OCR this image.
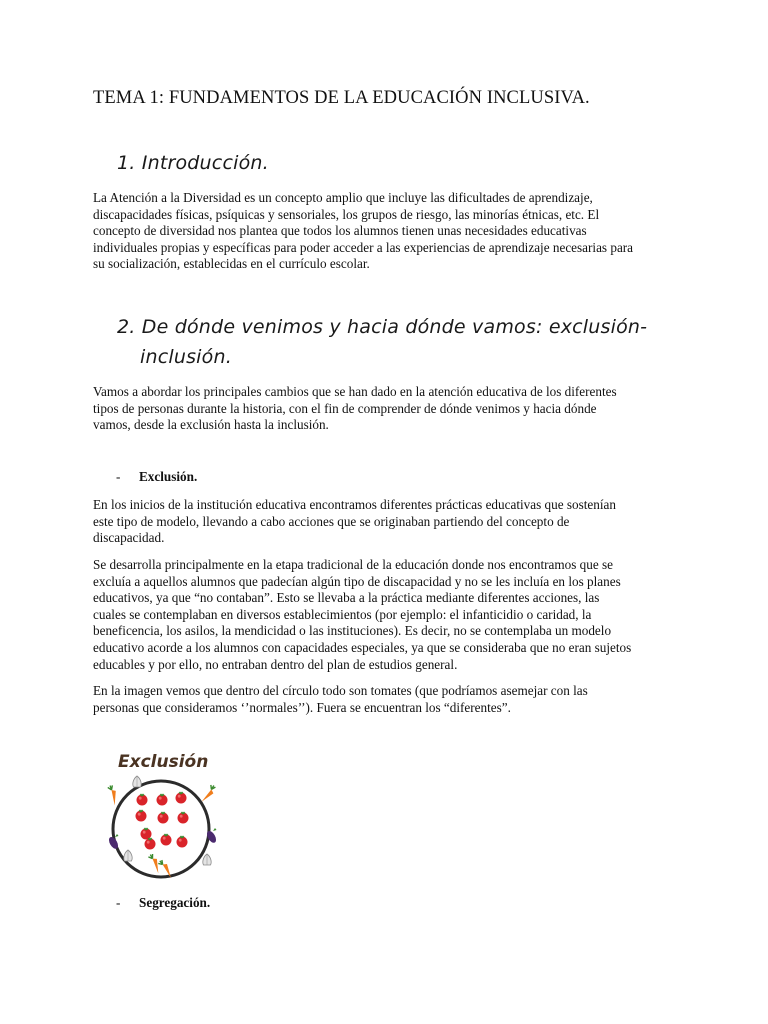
TEMA 1: FUNDAMENTOS DE LA EDUCACIÓN INCLUSIVA.
1. Introducción.
La Atención a la Diversidad es un concepto amplio que incluye las dificultades de aprendizaje,
discapacidades físicas, psíquicas y sensoriales, los grupos de riesgo, las minorías étnicas, etc. El
concepto de diversidad nos plantea que todos los alumnos tienen unas necesidades educativas
individuales propias y específicas para poder acceder a las experiencias de aprendizaje necesarias para
su socialización, establecidas en el currículo escolar.
2. De dónde venimos y hacia dónde vamos: exclusión-
inclusión.
Vamos a abordar los principales cambios que se han dado en la atención educativa de los diferentes
tipos de personas durante la historia, con el fin de comprender de dónde venimos y hacia dónde
vamos, desde la exclusión hasta la inclusión.
- Exclusión.
En los inicios de la institución educativa encontramos diferentes prácticas educativas que sostenían
este tipo de modelo, llevando a cabo acciones que se originaban partiendo del concepto de
discapacidad.
Se desarrolla principalmente en la etapa tradicional de la educación donde nos encontramos que se
excluía a aquellos alumnos que padecían algún tipo de discapacidad y no se les incluía en los planes
educativos, ya que “no contaban”. Esto se llevaba a la práctica mediante diferentes acciones, las
cuales se contemplaban en diversos establecimientos (por ejemplo: el infanticidio o caridad, la
beneficencia, los asilos, la mendicidad o las instituciones). Es decir, no se contemplaba un modelo
educativo acorde a los alumnos con capacidades especiales, ya que se consideraba que no eran sujetos
educables y por ello, no entraban dentro del plan de estudios general.
En la imagen vemos que dentro del círculo todo son tomates (que podríamos asemejar con las
personas que consideramos ‘’normales’’). Fuera se encuentran los “diferentes”.
Exclusión
- Segregación.
